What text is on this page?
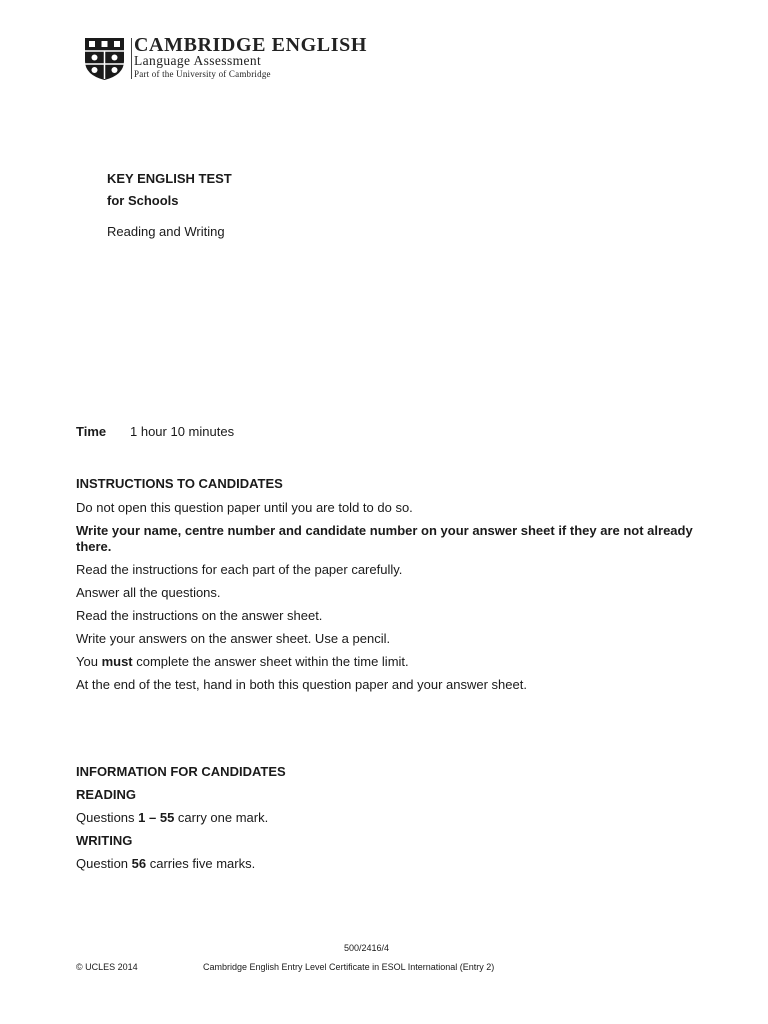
CAMBRIDGE ENGLISH
Language Assessment
Part of the University of Cambridge
KEY ENGLISH TEST
for Schools
Reading and Writing
Time 1 hour 10 minutes

INSTRUCTIONS TO CANDIDATES

Do not open this question paper until you are told to do so.

Write your name, centre number and candidate number on your answer sheet if they are not already there.

Read the instructions for each part of the paper carefully.

Answer all the questions.

Read the instructions on the answer sheet.

Write your answers on the answer sheet. Use a pencil.

You must complete the answer sheet within the time limit.

At the end of the test, hand in both this question paper and your answer sheet.

INFORMATION FOR CANDIDATES

READING

Questions 1 – 55 carry one mark.

WRITING

Question 56 carries five marks.

500/2416/4
© UCLES 2014	Cambridge English Entry Level Certificate in ESOL International (Entry 2)
